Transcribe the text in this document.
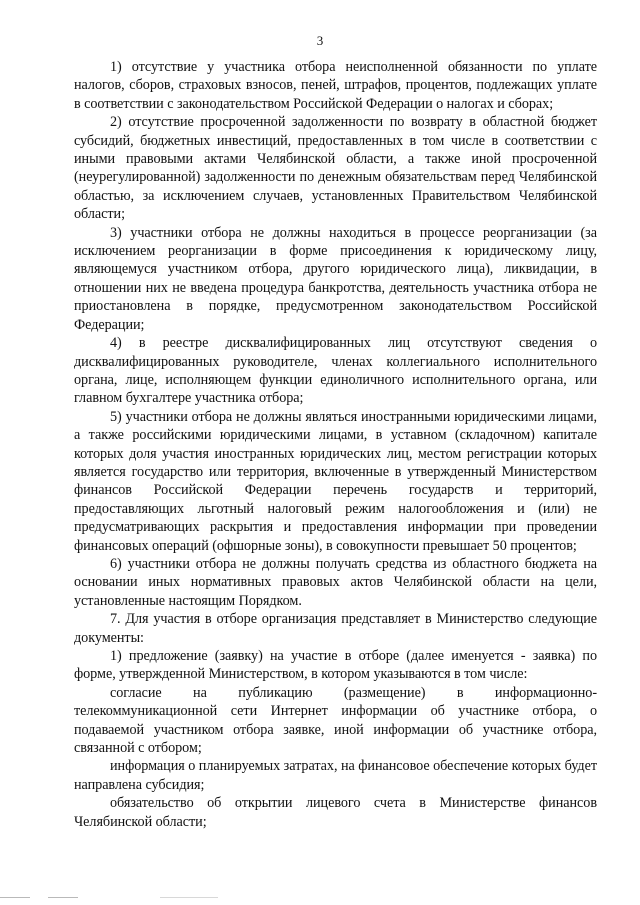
3

1) отсутствие у участника отбора неисполненной обязанности по уплате налогов, сборов, страховых взносов, пеней, штрафов, процентов, подлежащих уплате в соответствии с законодательством Российской Федерации о налогах и сборах;

2) отсутствие просроченной задолженности по возврату в областной бюджет субсидий, бюджетных инвестиций, предоставленных в том числе в соответствии с иными правовыми актами Челябинской области, а также иной просроченной (неурегулированной) задолженности по денежным обязательствам перед Челябинской областью, за исключением случаев, установленных Правительством Челябинской области;

3) участники отбора не должны находиться в процессе реорганизации (за исключением реорганизации в форме присоединения к юридическому лицу, являющемуся участником отбора, другого юридического лица), ликвидации, в отношении них не введена процедура банкротства, деятельность участника отбора не приостановлена в порядке, предусмотренном законодательством Российской Федерации;

4) в реестре дисквалифицированных лиц отсутствуют сведения о дисквалифицированных руководителе, членах коллегиального исполнительного органа, лице, исполняющем функции единоличного исполнительного органа, или главном бухгалтере участника отбора;

5) участники отбора не должны являться иностранными юридическими лицами, а также российскими юридическими лицами, в уставном (складочном) капитале которых доля участия иностранных юридических лиц, местом регистрации которых является государство или территория, включенные в утвержденный Министерством финансов Российской Федерации перечень государств и территорий, предоставляющих льготный налоговый режим налогообложения и (или) не предусматривающих раскрытия и предоставления информации при проведении финансовых операций (офшорные зоны), в совокупности превышает 50 процентов;

6) участники отбора не должны получать средства из областного бюджета на основании иных нормативных правовых актов Челябинской области на цели, установленные настоящим Порядком.

7. Для участия в отборе организация представляет в Министерство следующие документы:

1) предложение (заявку) на участие в отборе (далее именуется - заявка) по форме, утвержденной Министерством, в котором указываются в том числе:

согласие на публикацию (размещение) в информационно-телекоммуникационной сети Интернет информации об участнике отбора, о подаваемой участником отбора заявке, иной информации об участнике отбора, связанной с отбором;

информация о планируемых затратах, на финансовое обеспечение которых будет направлена субсидия;

обязательство об открытии лицевого счета в Министерстве финансов Челябинской области;
